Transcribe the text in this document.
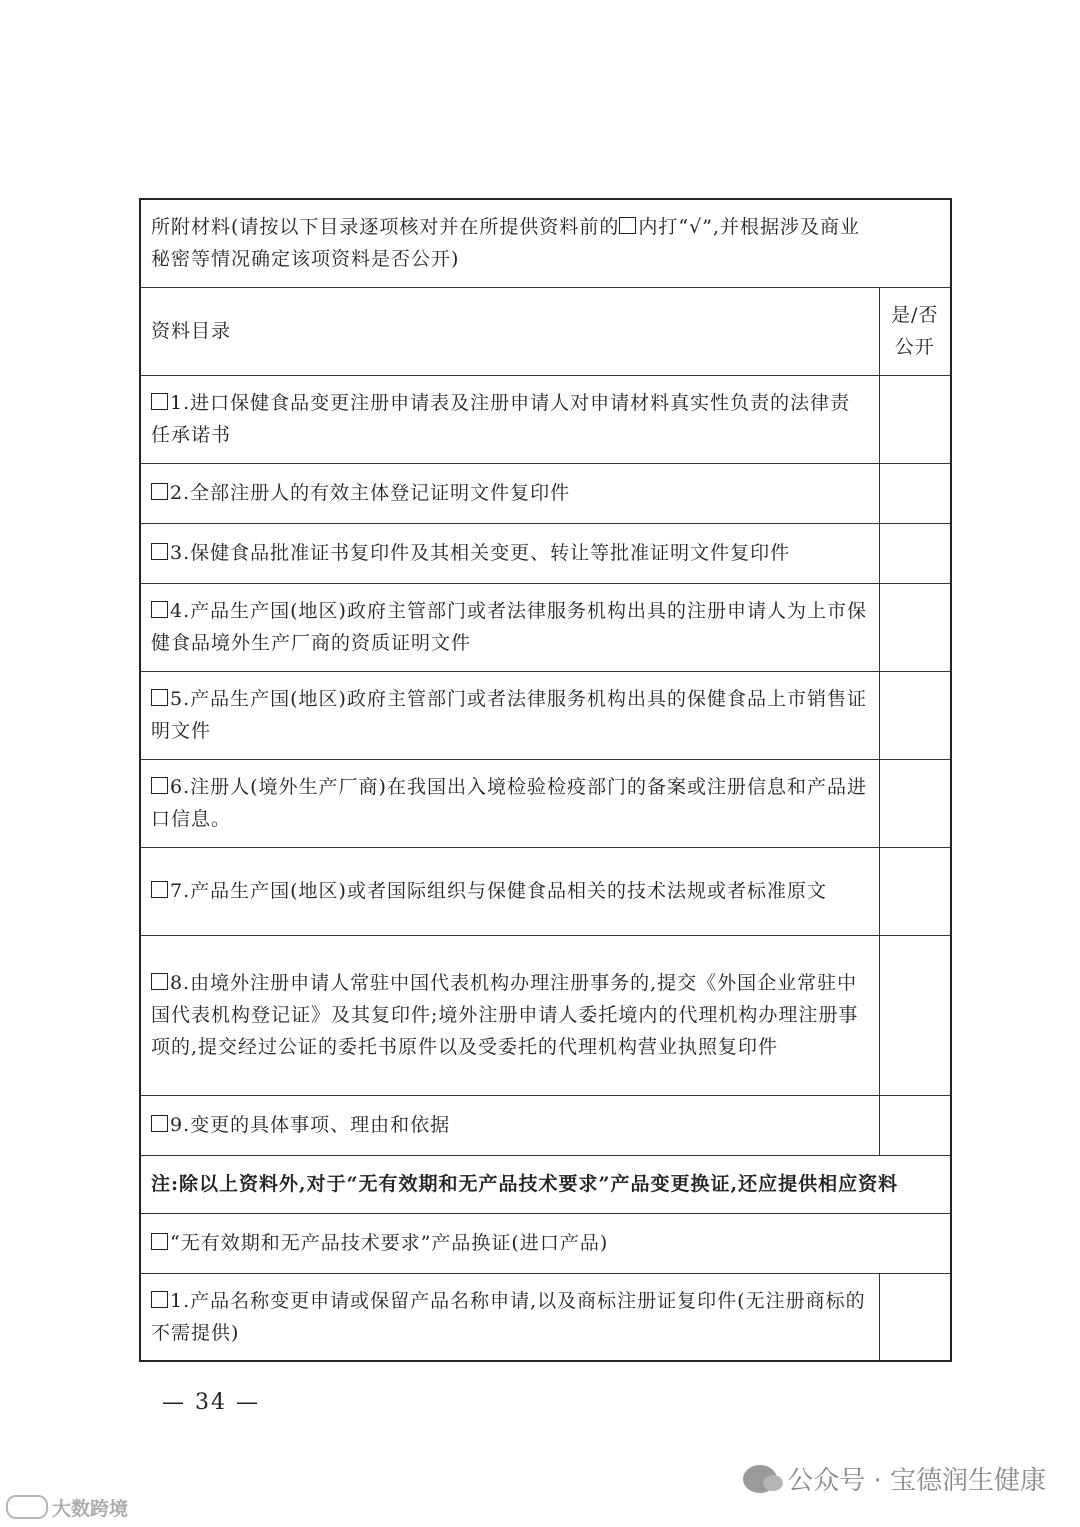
所附材料(请按以下目录逐项核对并在所提供资料前的 内打“√”,并根据涉及商业
秘密等情况确定该项资料是否公开)	
资料目录	是/否
公开
1.进口保健食品变更注册申请表及注册申请人对申请材料真实性负责的法律责任承诺书	
2.全部注册人的有效主体登记证明文件复印件	
3.保健食品批准证书复印件及其相关变更、转让等批准证明文件复印件	
4.产品生产国(地区)政府主管部门或者法律服务机构出具的注册申请人为上市保健食品境外生产厂商的资质证明文件	
5.产品生产国(地区)政府主管部门或者法律服务机构出具的保健食品上市销售证明文件	
6.注册人(境外生产厂商)在我国出入境检验检疫部门的备案或注册信息和产品进口信息。	
7.产品生产国(地区)或者国际组织与保健食品相关的技术法规或者标准原文	
8.由境外注册申请人常驻中国代表机构办理注册事务的,提交《外国企业常驻中国代表机构登记证》及其复印件;境外注册申请人委托境内的代理机构办理注册事项的,提交经过公证的委托书原件以及受委托的代理机构营业执照复印件	
9.变更的具体事项、理由和依据	
注:除以上资料外,对于“无有效期和无产品技术要求”产品变更换证,还应提供相应资料	
“无有效期和无产品技术要求”产品换证(进口产品)	
1.产品名称变更申请或保留产品名称申请,以及商标注册证复印件(无注册商标的不需提供)	
— 34 —
大数跨境
公众号 · 宝德润生健康
